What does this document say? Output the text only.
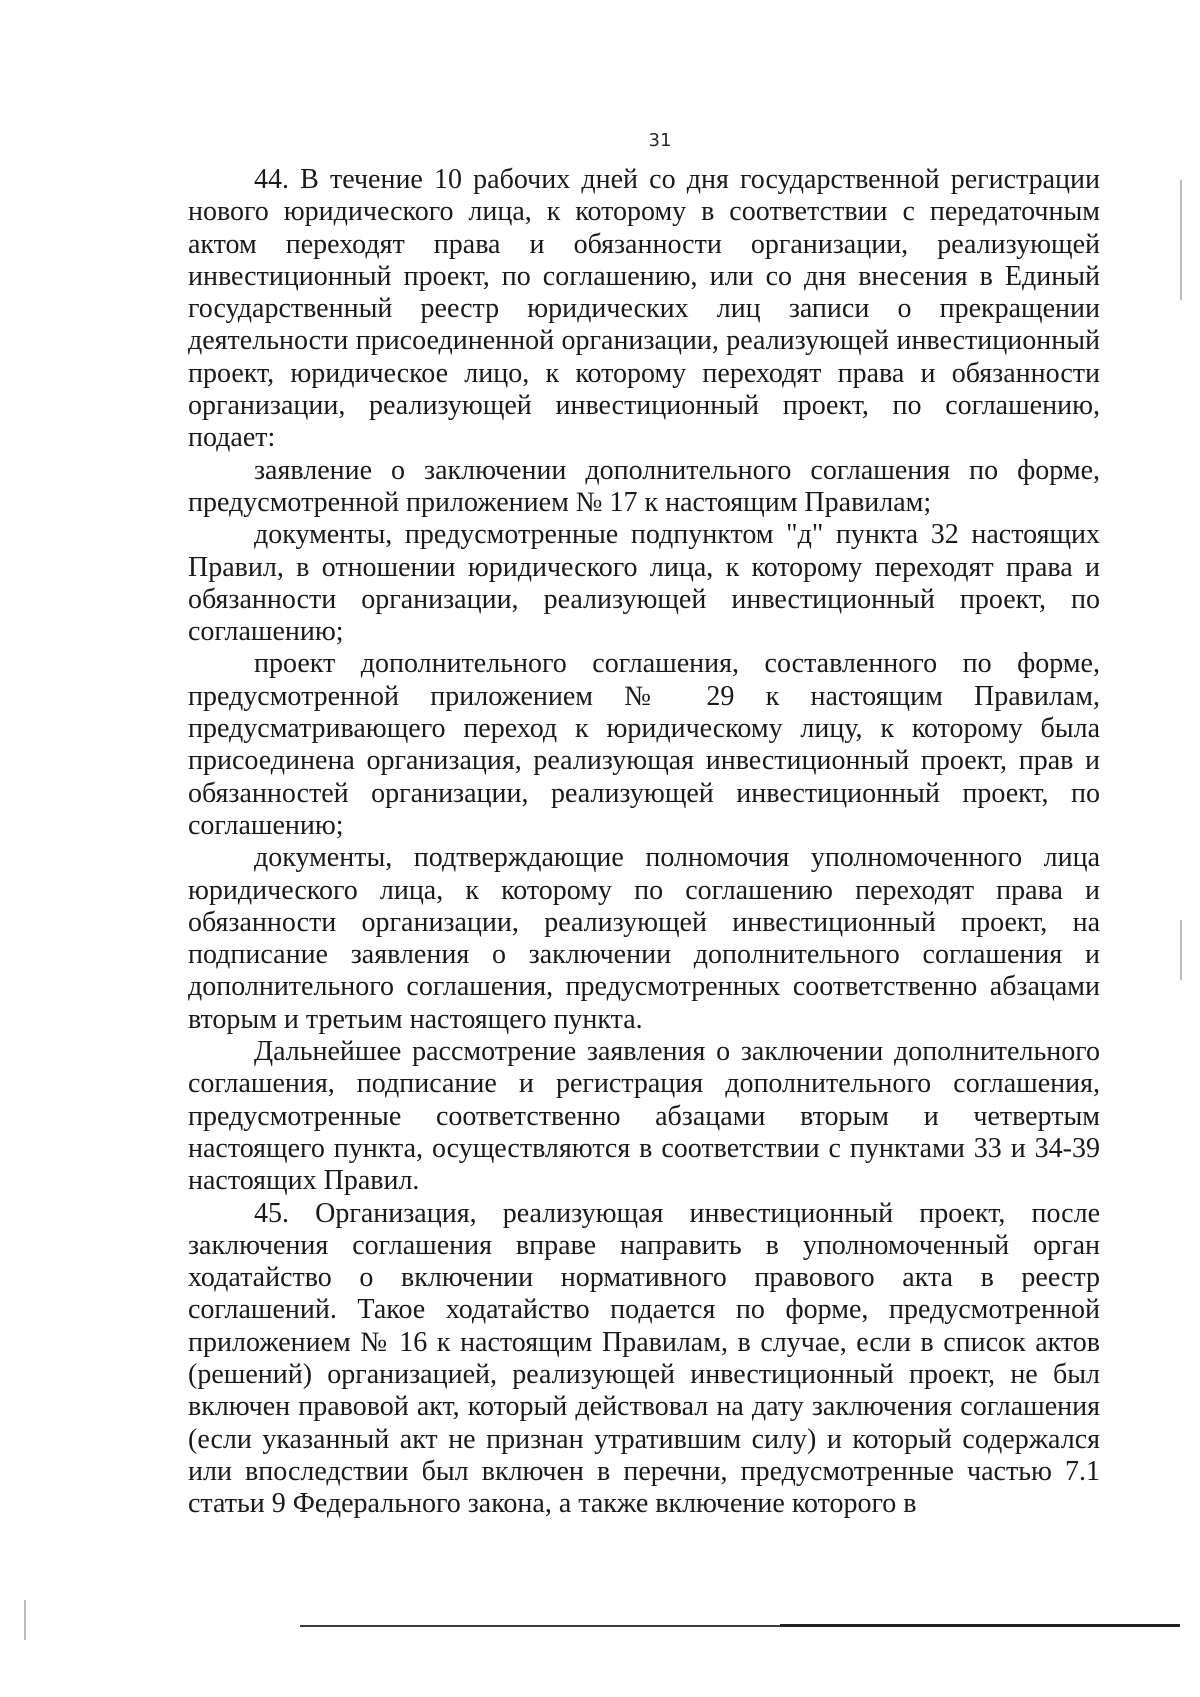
31

44. В течение 10 рабочих дней со дня государственной регистрации нового юридического лица, к которому в соответствии с передаточным актом переходят права и обязанности организации, реализующей инвестиционный проект, по соглашению, или со дня внесения в Единый государственный реестр юридических лиц записи о прекращении деятельности присоединенной организации, реализующей инвестиционный проект, юридическое лицо, к которому переходят права и обязанности организации, реализующей инвестиционный проект, по соглашению, подает:

заявление о заключении дополнительного соглашения по форме, предусмотренной приложением № 17 к настоящим Правилам;

документы, предусмотренные подпунктом "д" пункта 32 настоящих Правил, в отношении юридического лица, к которому переходят права и обязанности организации, реализующей инвестиционный проект, по соглашению;

проект дополнительного соглашения, составленного по форме, предусмотренной приложением № 29 к настоящим Правилам, предусматривающего переход к юридическому лицу, к которому была присоединена организация, реализующая инвестиционный проект, прав и обязанностей организации, реализующей инвестиционный проект, по соглашению;

документы, подтверждающие полномочия уполномоченного лица юридического лица, к которому по соглашению переходят права и обязанности организации, реализующей инвестиционный проект, на подписание заявления о заключении дополнительного соглашения и дополнительного соглашения, предусмотренных соответственно абзацами вторым и третьим настоящего пункта.

Дальнейшее рассмотрение заявления о заключении дополнительного соглашения, подписание и регистрация дополнительного соглашения, предусмотренные соответственно абзацами вторым и четвертым настоящего пункта, осуществляются в соответствии с пунктами 33 и 34-39 настоящих Правил.

45. Организация, реализующая инвестиционный проект, после заключения соглашения вправе направить в уполномоченный орган ходатайство о включении нормативного правового акта в реестр соглашений. Такое ходатайство подается по форме, предусмотренной приложением № 16 к настоящим Правилам, в случае, если в список актов (решений) организацией, реализующей инвестиционный проект, не был включен правовой акт, который действовал на дату заключения соглашения (если указанный акт не признан утратившим силу) и который содержался или впоследствии был включен в перечни, предусмотренные частью 7.1 статьи 9 Федерального закона, а также включение которого в
